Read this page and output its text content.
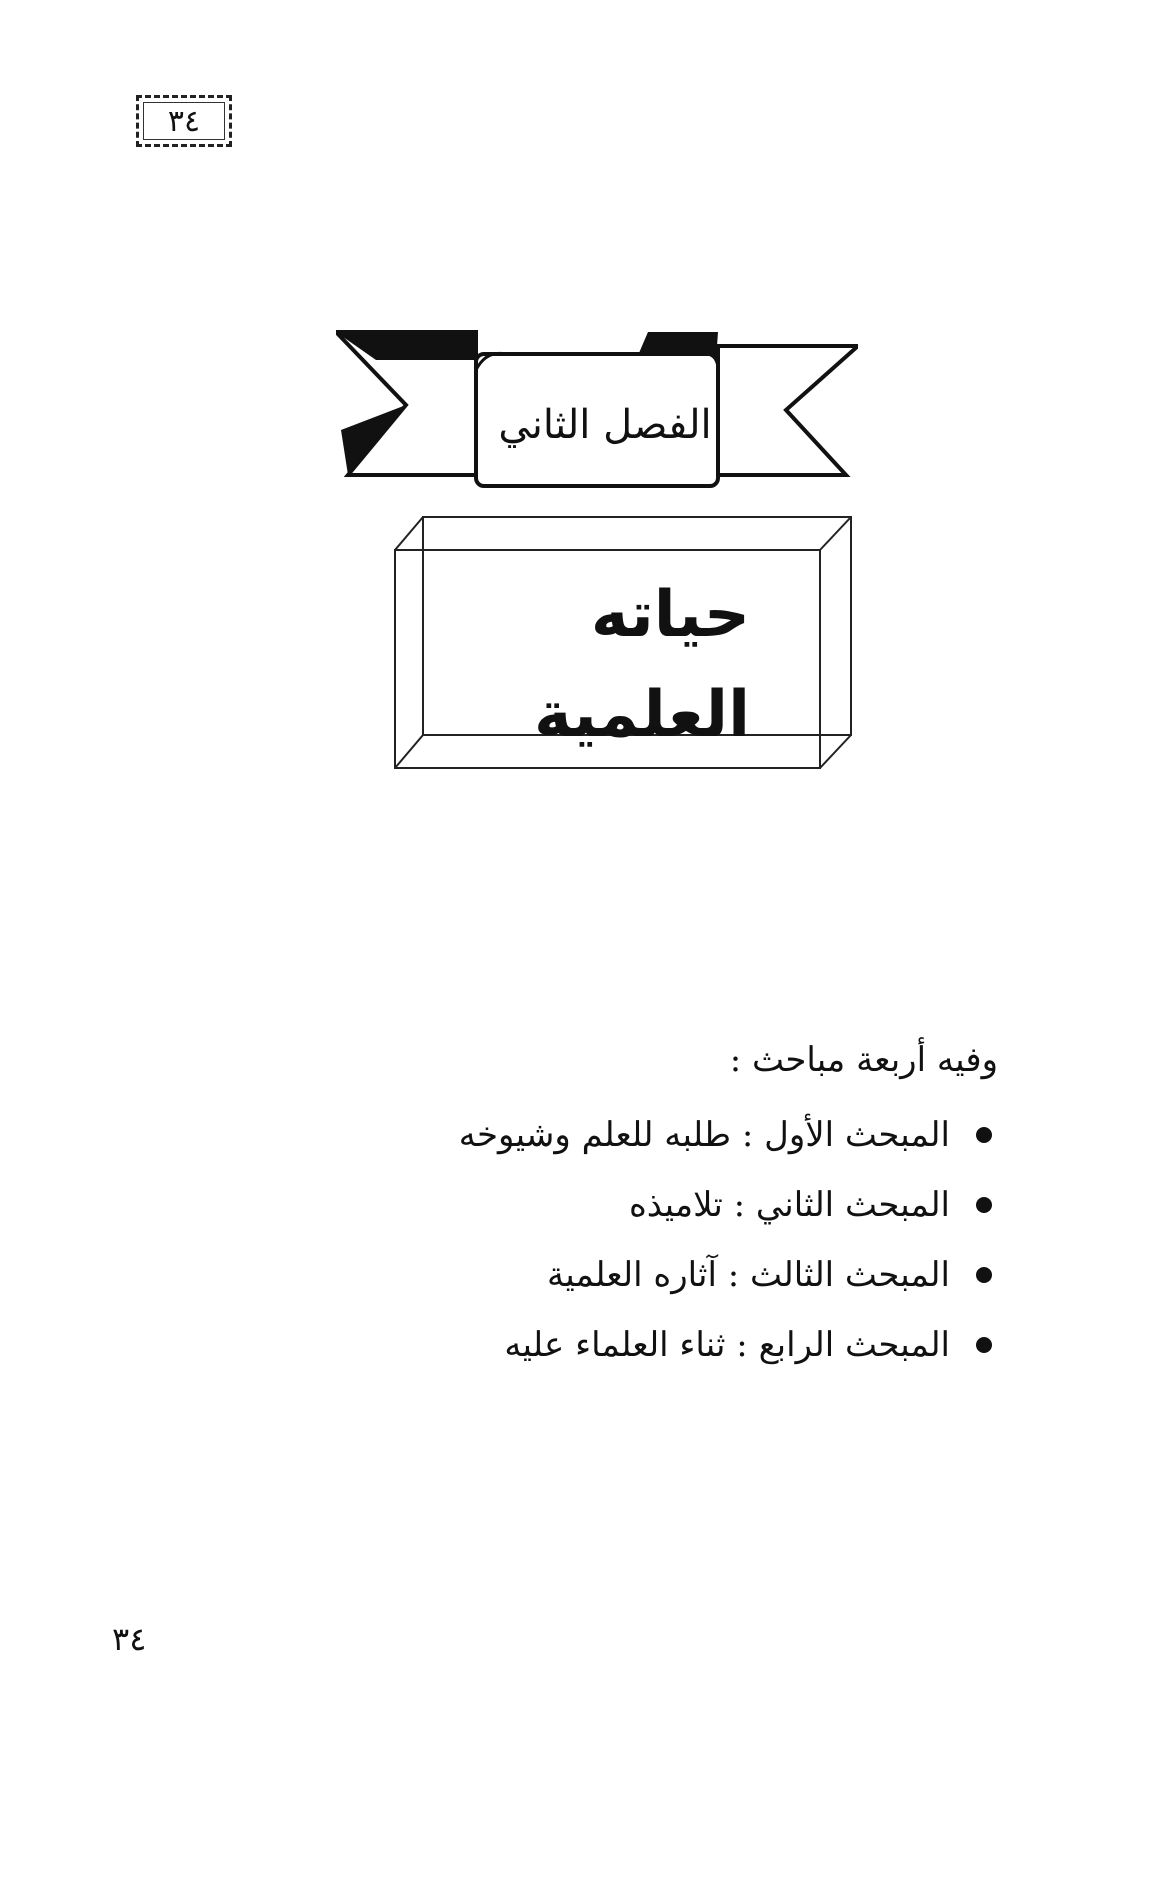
٣٤
الفصل الثاني
حياته العلمية
وفيه أربعة مباحث :
المبحث الأول : طلبه للعلم وشيوخه
المبحث الثاني : تلاميذه
المبحث الثالث : آثاره العلمية
المبحث الرابع : ثناء العلماء عليه
٣٤
